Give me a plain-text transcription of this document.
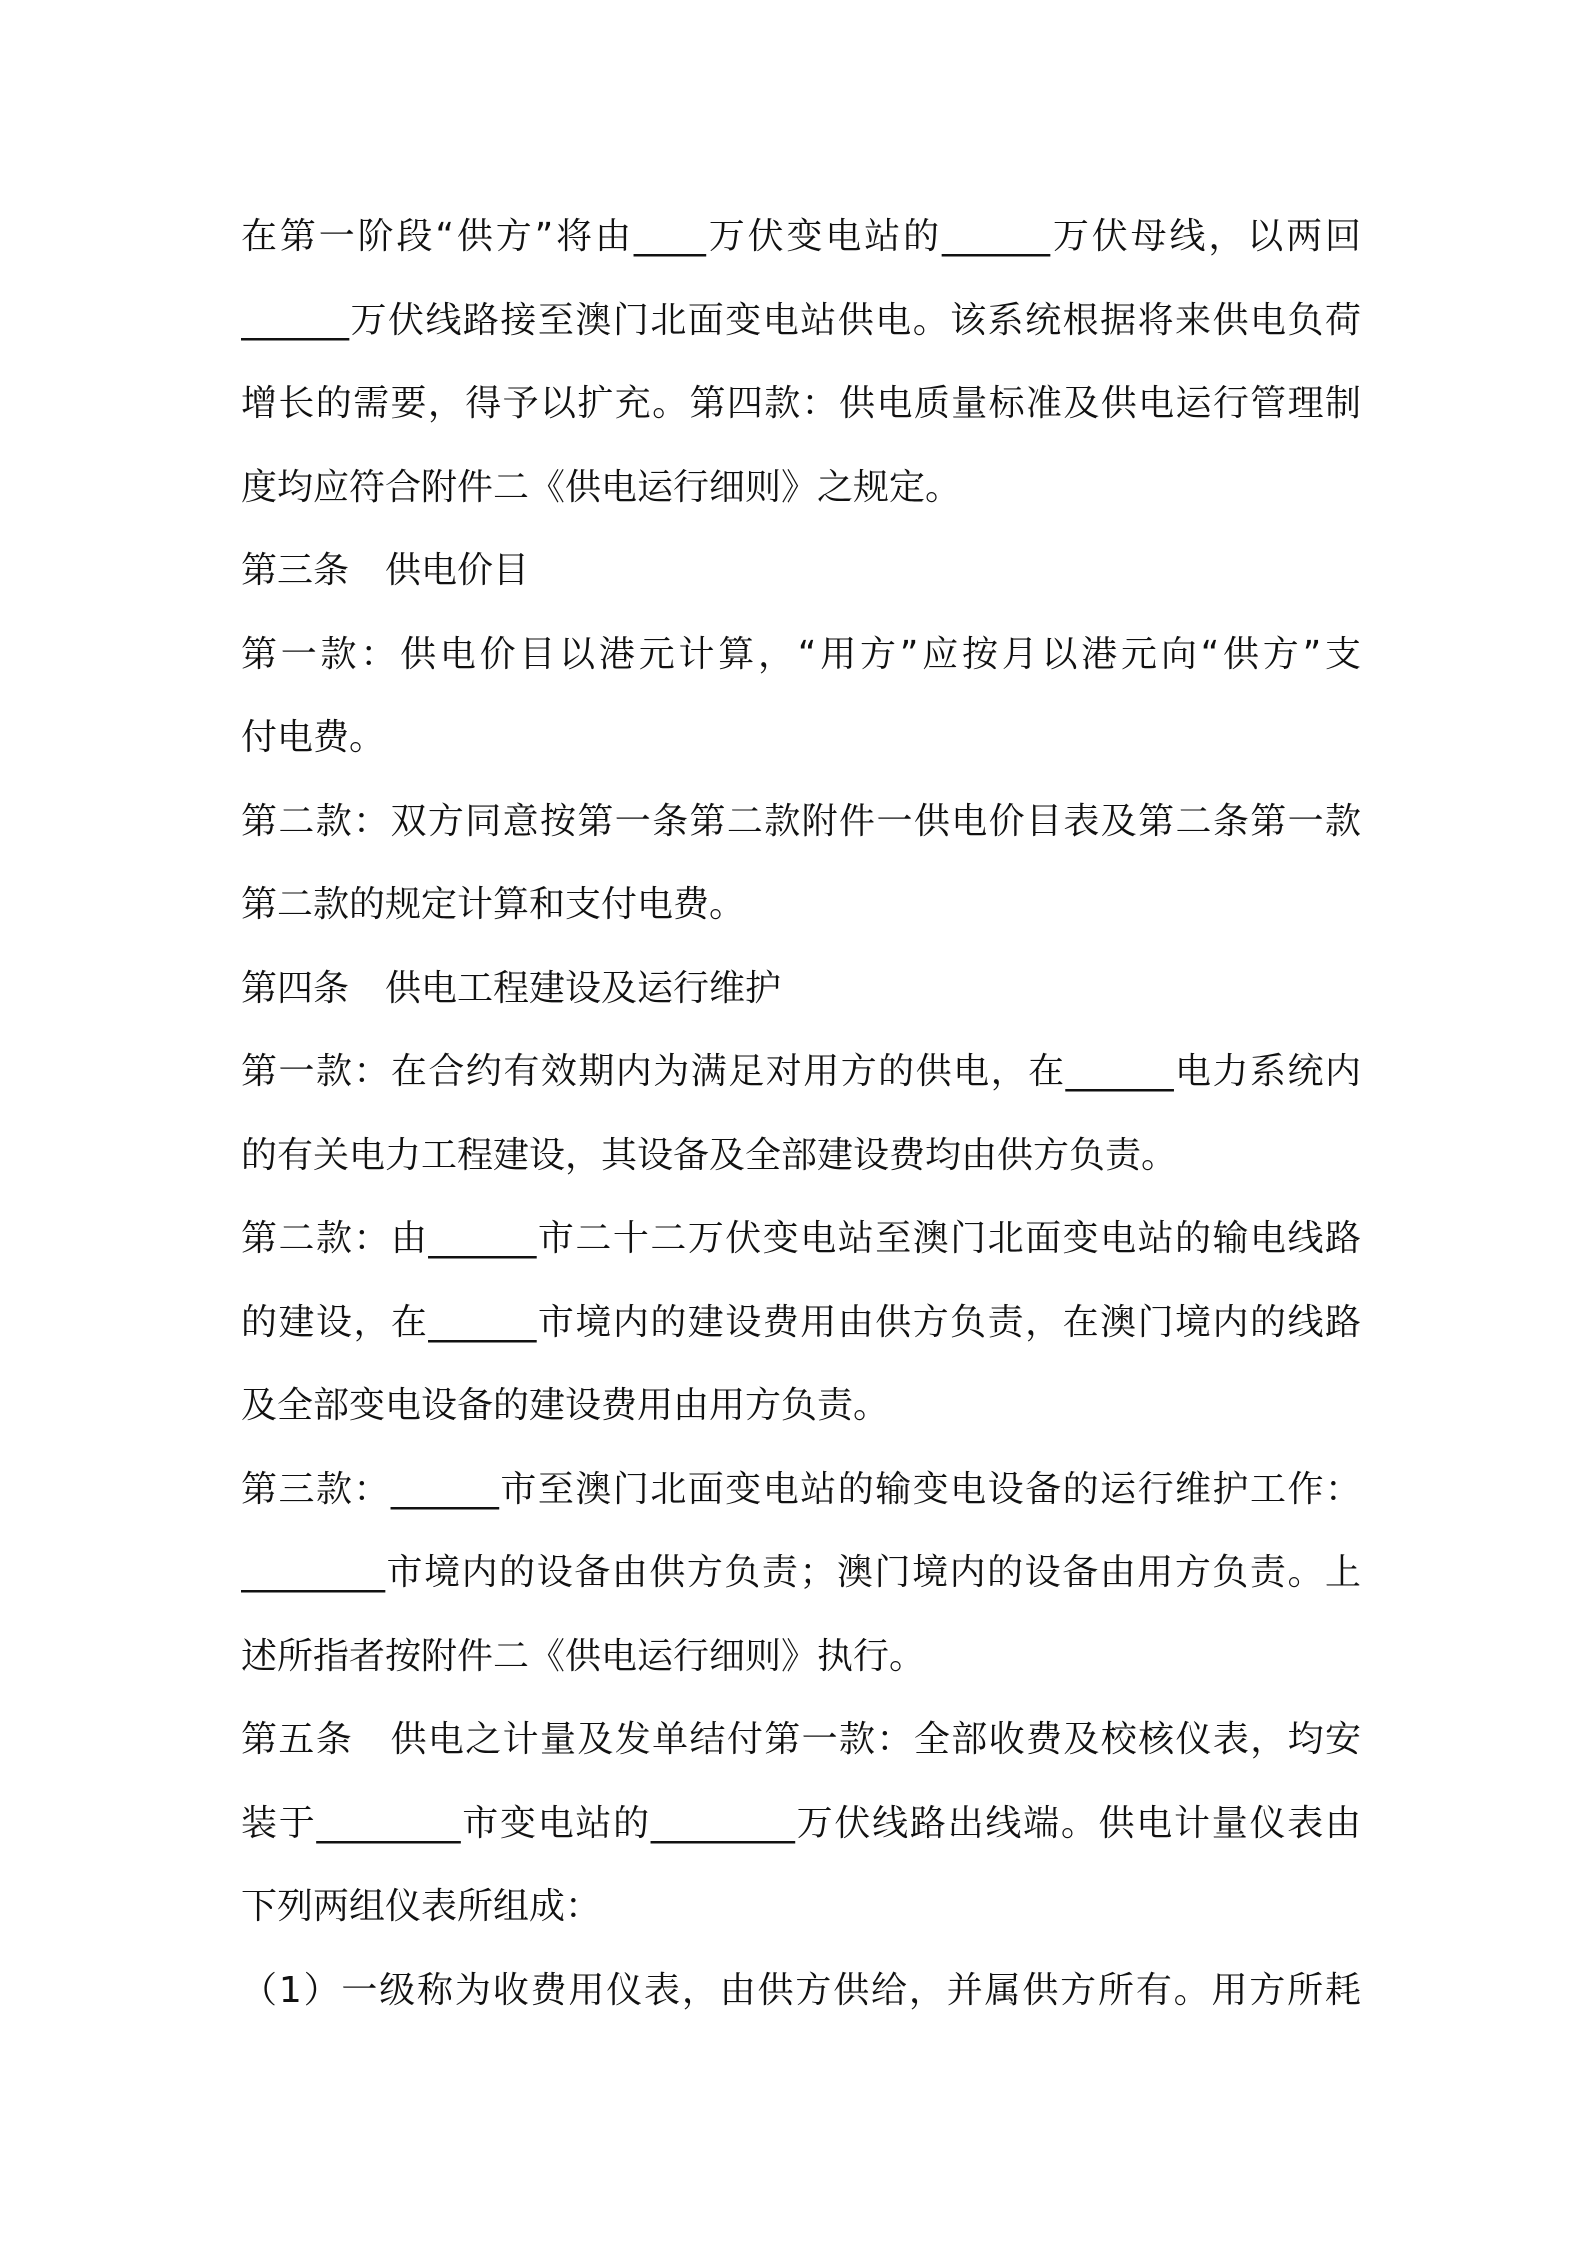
在第一阶段“供方”将由____万伏变电站的______万伏母线，以两回
______万伏线路接至澳门北面变电站供电。该系统根据将来供电负荷
增长的需要，得予以扩充。第四款：供电质量标准及供电运行管理制
度均应符合附件二《供电运行细则》之规定。
第三条　供电价目
第一款：供电价目以港元计算，“用方”应按月以港元向“供方”支
付电费。
第二款：双方同意按第一条第二款附件一供电价目表及第二条第一款
第二款的规定计算和支付电费。
第四条　供电工程建设及运行维护
第一款：在合约有效期内为满足对用方的供电，在______电力系统内
的有关电力工程建设，其设备及全部建设费均由供方负责。
第二款：由______市二十二万伏变电站至澳门北面变电站的输电线路
的建设，在______市境内的建设费用由供方负责，在澳门境内的线路
及全部变电设备的建设费用由用方负责。
第三款：______市至澳门北面变电站的输变电设备的运行维护工作：
________市境内的设备由供方负责；澳门境内的设备由用方负责。上
述所指者按附件二《供电运行细则》执行。
第五条　供电之计量及发单结付第一款：全部收费及校核仪表，均安
装于________市变电站的________万伏线路出线端。供电计量仪表由
下列两组仪表所组成：
（1）一级称为收费用仪表，由供方供给，并属供方所有。用方所耗
